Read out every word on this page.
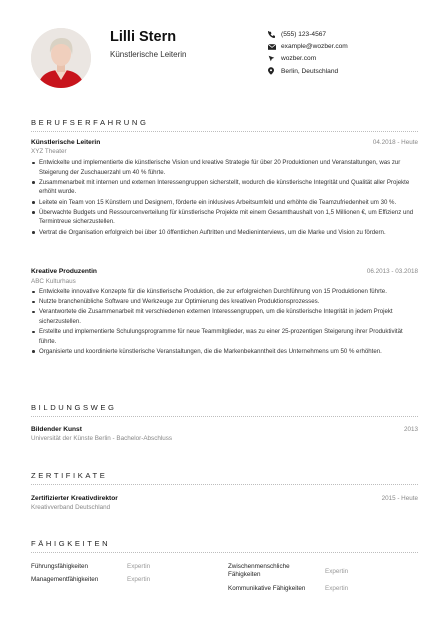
Lilli Stern
Künstlerische Leiterin
(555) 123-4567
example@wozber.com
wozber.com
Berlin, Deutschland
BERUFSERFAHRUNG
Künstlerische Leiterin	04.2018 - Heute
XYZ Theater
Entwickelte und implementierte die künstlerische Vision und kreative Strategie für über 20 Produktionen und Veranstaltungen, was zur Steigerung der Zuschauerzahl um 40 % führte.
Zusammenarbeit mit internen und externen Interessengruppen sicherstellt, wodurch die künstlerische Integrität und Qualität aller Projekte erhöht wurde.
Leitete ein Team von 15 Künstlern und Designern, förderte ein inklusives Arbeitsumfeld und erhöhte die Teamzufriedenheit um 30 %.
Überwachte Budgets und Ressourcenverteilung für künstlerische Projekte mit einem Gesamthaushalt von 1,5 Millionen €, um Effizienz und Termintreue sicherzustellen.
Vertrat die Organisation erfolgreich bei über 10 öffentlichen Auftritten und Medieninterviews, um die Marke und Vision zu fördern.
Kreative Produzentin	06.2013 - 03.2018
ABC Kulturhaus
Entwickelte innovative Konzepte für die künstlerische Produktion, die zur erfolgreichen Durchführung von 15 Produktionen führte.
Nutzte branchenübliche Software und Werkzeuge zur Optimierung des kreativen Produktionsprozesses.
Verantwortete die Zusammenarbeit mit verschiedenen externen Interessengruppen, um die künstlerische Integrität in jedem Projekt sicherzustellen.
Erstellte und implementierte Schulungsprogramme für neue Teammitglieder, was zu einer 25-prozentigen Steigerung ihrer Produktivität führte.
Organisierte und koordinierte künstlerische Veranstaltungen, die die Markenbekanntheit des Unternehmens um 50 % erhöhten.
BILDUNGSWEG
Bildender Kunst	2013
Universität der Künste Berlin - Bachelor-Abschluss
ZERTIFIKATE
Zertifizierter Kreativdirektor	2015 - Heute
Kreativverband Deutschland
FÄHIGKEITEN
Führungsfähigkeiten	Expertin
Managementfähigkeiten	Expertin
Zwischenmenschliche Fähigkeiten	Expertin
Kommunikative Fähigkeiten	Expertin
